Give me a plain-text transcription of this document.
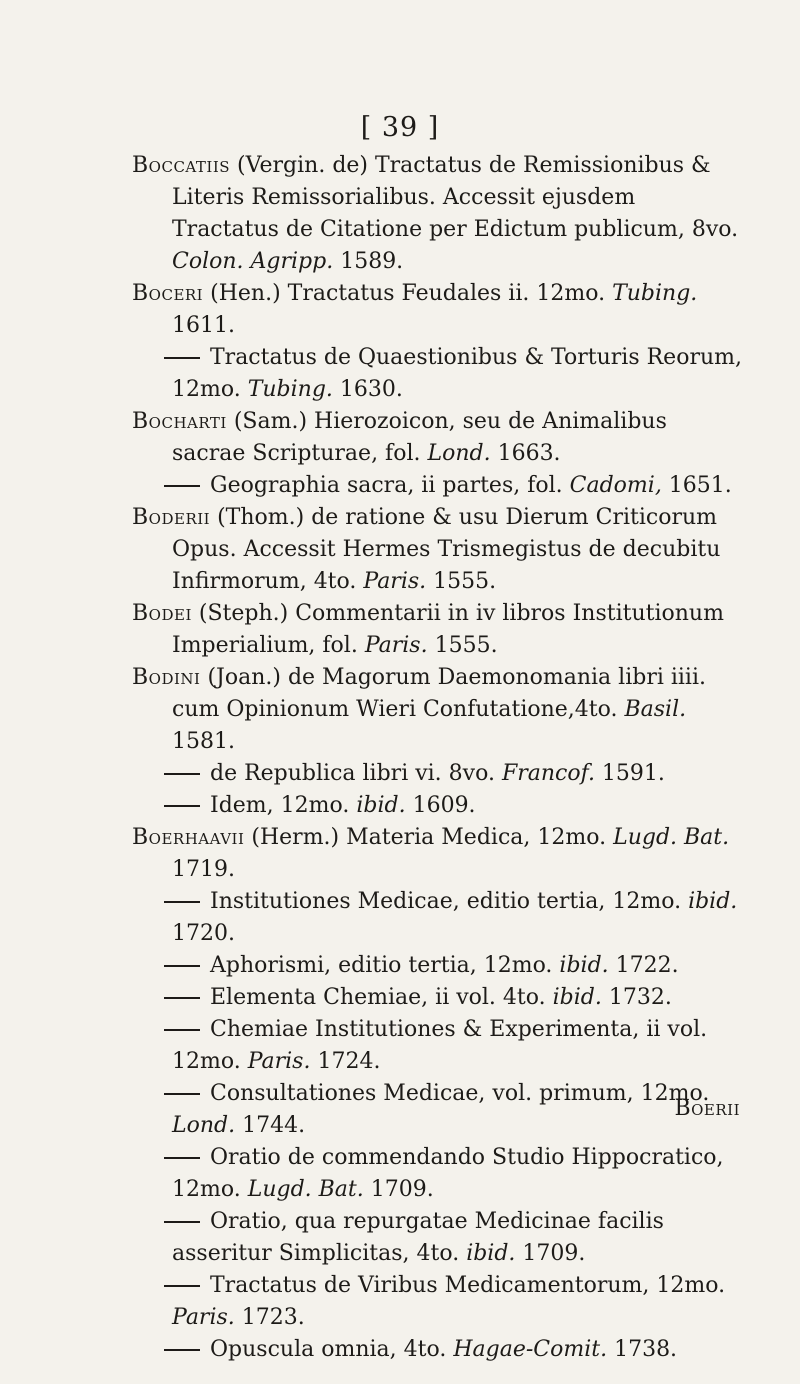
[ 39 ]
Boccatiis (Vergin. de) Tractatus de Remissionibus & Literis Remissorialibus. Accessit ejusdem Tractatus de Citatione per Edictum publicum, 8vo. Colon. Agripp. 1589.
Boceri (Hen.) Tractatus Feudales ii. 12mo. Tubing. 1611.
Tractatus de Quaestionibus & Torturis Reorum, 12mo. Tubing. 1630.
Bocharti (Sam.) Hierozoicon, seu de Animalibus sacrae Scripturae, fol. Lond. 1663.
Geographia sacra, ii partes, fol. Cadomi, 1651.
Boderii (Thom.) de ratione & usu Dierum Criticorum Opus. Accessit Hermes Trismegistus de decubitu Infirmorum, 4to. Paris. 1555.
Bodei (Steph.) Commentarii in iv libros Institutionum Imperialium, fol. Paris. 1555.
Bodini (Joan.) de Magorum Daemonomania libri iiii. cum Opinionum Wieri Confutatione,4to. Basil. 1581.
de Republica libri vi. 8vo. Francof. 1591.
Idem, 12mo. ibid. 1609.
Boerhaavii (Herm.) Materia Medica, 12mo. Lugd. Bat. 1719.
Institutiones Medicae, editio tertia, 12mo. ibid. 1720.
Aphorismi, editio tertia, 12mo. ibid. 1722.
Elementa Chemiae, ii vol. 4to. ibid. 1732.
Chemiae Institutiones & Experimenta, ii vol. 12mo. Paris. 1724.
Consultationes Medicae, vol. primum, 12mo. Lond. 1744.
Oratio de commendando Studio Hippocratico, 12mo. Lugd. Bat. 1709.
Oratio, qua repurgatae Medicinae facilis asseritur Simplicitas, 4to. ibid. 1709.
Tractatus de Viribus Medicamentorum, 12mo. Paris. 1723.
Opuscula omnia, 4to. Hagae-Comit. 1738.
Boerii
